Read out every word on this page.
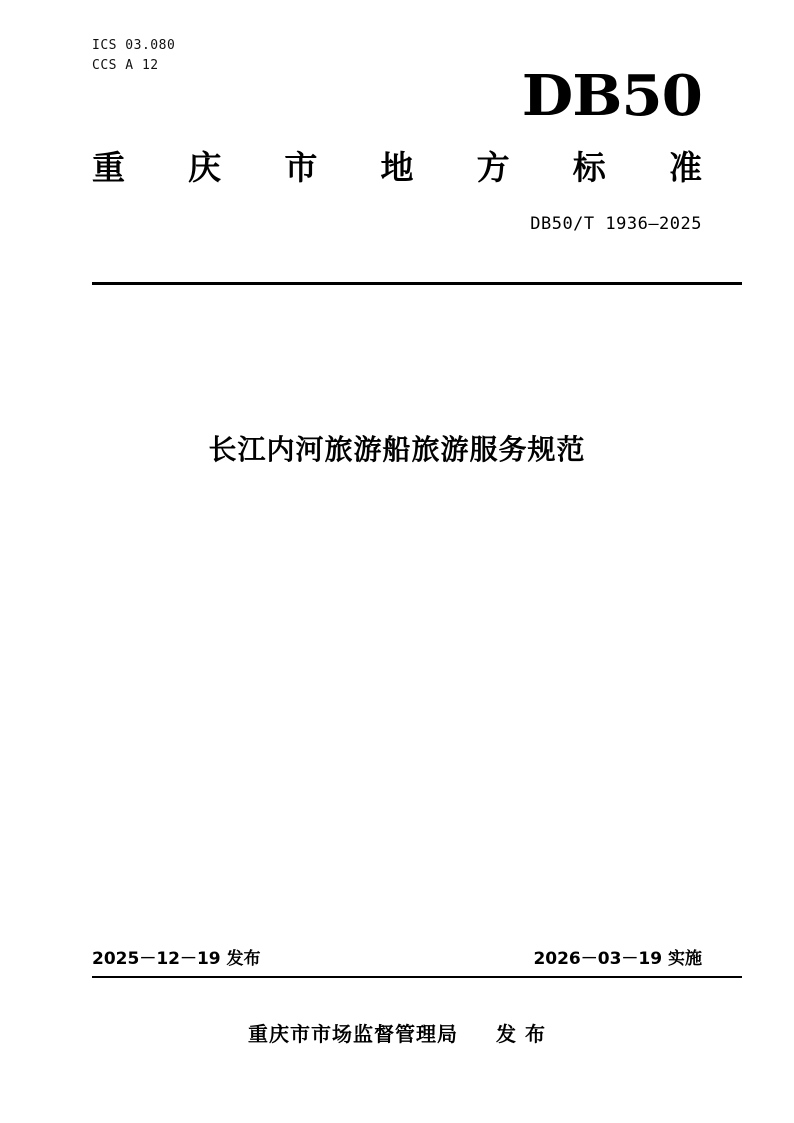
ICS 03.080
CCS A 12	DB50
重 庆 市 地 方 标 准
DB50/T 1936—2025
长江内河旅游船旅游服务规范
2025－12－19 发布	2026－03－19 实施
重庆市市场监督管理局 发 布
